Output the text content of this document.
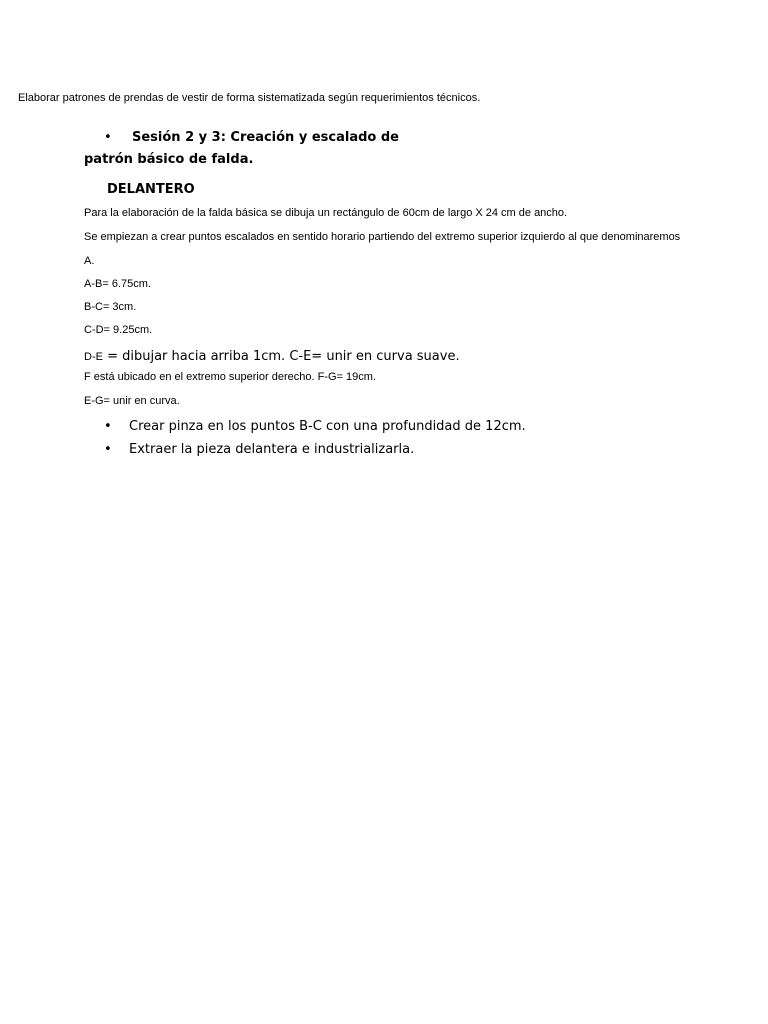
Elaborar patrones de prendas de vestir de forma sistematizada según requerimientos técnicos.
• Sesión 2 y 3: Creación y escalado de
patrón básico de falda.
DELANTERO
Para la elaboración de la falda básica se dibuja un rectángulo de 60cm de largo X 24 cm de ancho.
Se empiezan a crear puntos escalados en sentido horario partiendo del extremo superior izquierdo al que denominaremos
A.
A-B= 6.75cm.
B-C= 3cm.
C-D= 9.25cm.
D-E = dibujar hacia arriba 1cm. C-E= unir en curva suave.
F está ubicado en el extremo superior derecho. F-G= 19cm.
E-G= unir en curva.
• Crear pinza en los puntos B-C con una profundidad de 12cm.
• Extraer la pieza delantera e industrializarla.
